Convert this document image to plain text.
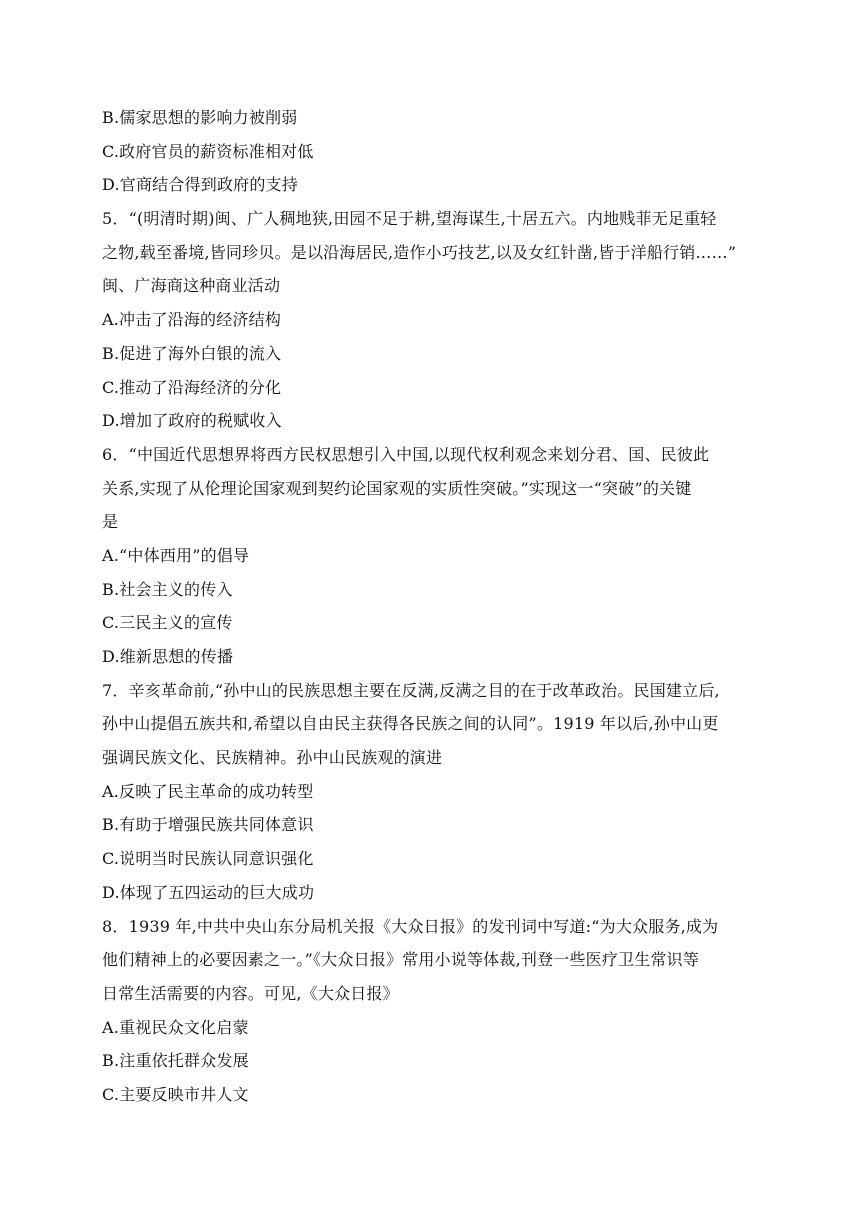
B.儒家思想的影响力被削弱
C.政府官员的薪资标准相对低
D.官商结合得到政府的支持
5．“(明清时期)闽、广人稠地狭,田园不足于耕,望海谋生,十居五六。内地贱菲无足重轻
之物,载至番境,皆同珍贝。是以沿海居民,造作小巧技艺,以及女红针凿,皆于洋船行销……”
闽、广海商这种商业活动
A.冲击了沿海的经济结构
B.促进了海外白银的流入
C.推动了沿海经济的分化
D.增加了政府的税赋收入
6．“中国近代思想界将西方民权思想引入中国,以现代权利观念来划分君、国、民彼此
关系,实现了从伦理论国家观到契约论国家观的实质性突破。”实现这一“突破”的关键
是
A.“中体西用”的倡导
B.社会主义的传入
C.三民主义的宣传
D.维新思想的传播
7．辛亥革命前,“孙中山的民族思想主要在反满,反满之目的在于改革政治。民国建立后,
孙中山提倡五族共和,希望以自由民主获得各民族之间的认同”。1919 年以后,孙中山更
强调民族文化、民族精神。孙中山民族观的演进
A.反映了民主革命的成功转型
B.有助于增强民族共同体意识
C.说明当时民族认同意识强化
D.体现了五四运动的巨大成功
8．1939 年,中共中央山东分局机关报《大众日报》的发刊词中写道:“为大众服务,成为
他们精神上的必要因素之一。”《大众日报》常用小说等体裁,刊登一些医疗卫生常识等
日常生活需要的内容。可见,《大众日报》
A.重视民众文化启蒙
B.注重依托群众发展
C.主要反映市井人文
